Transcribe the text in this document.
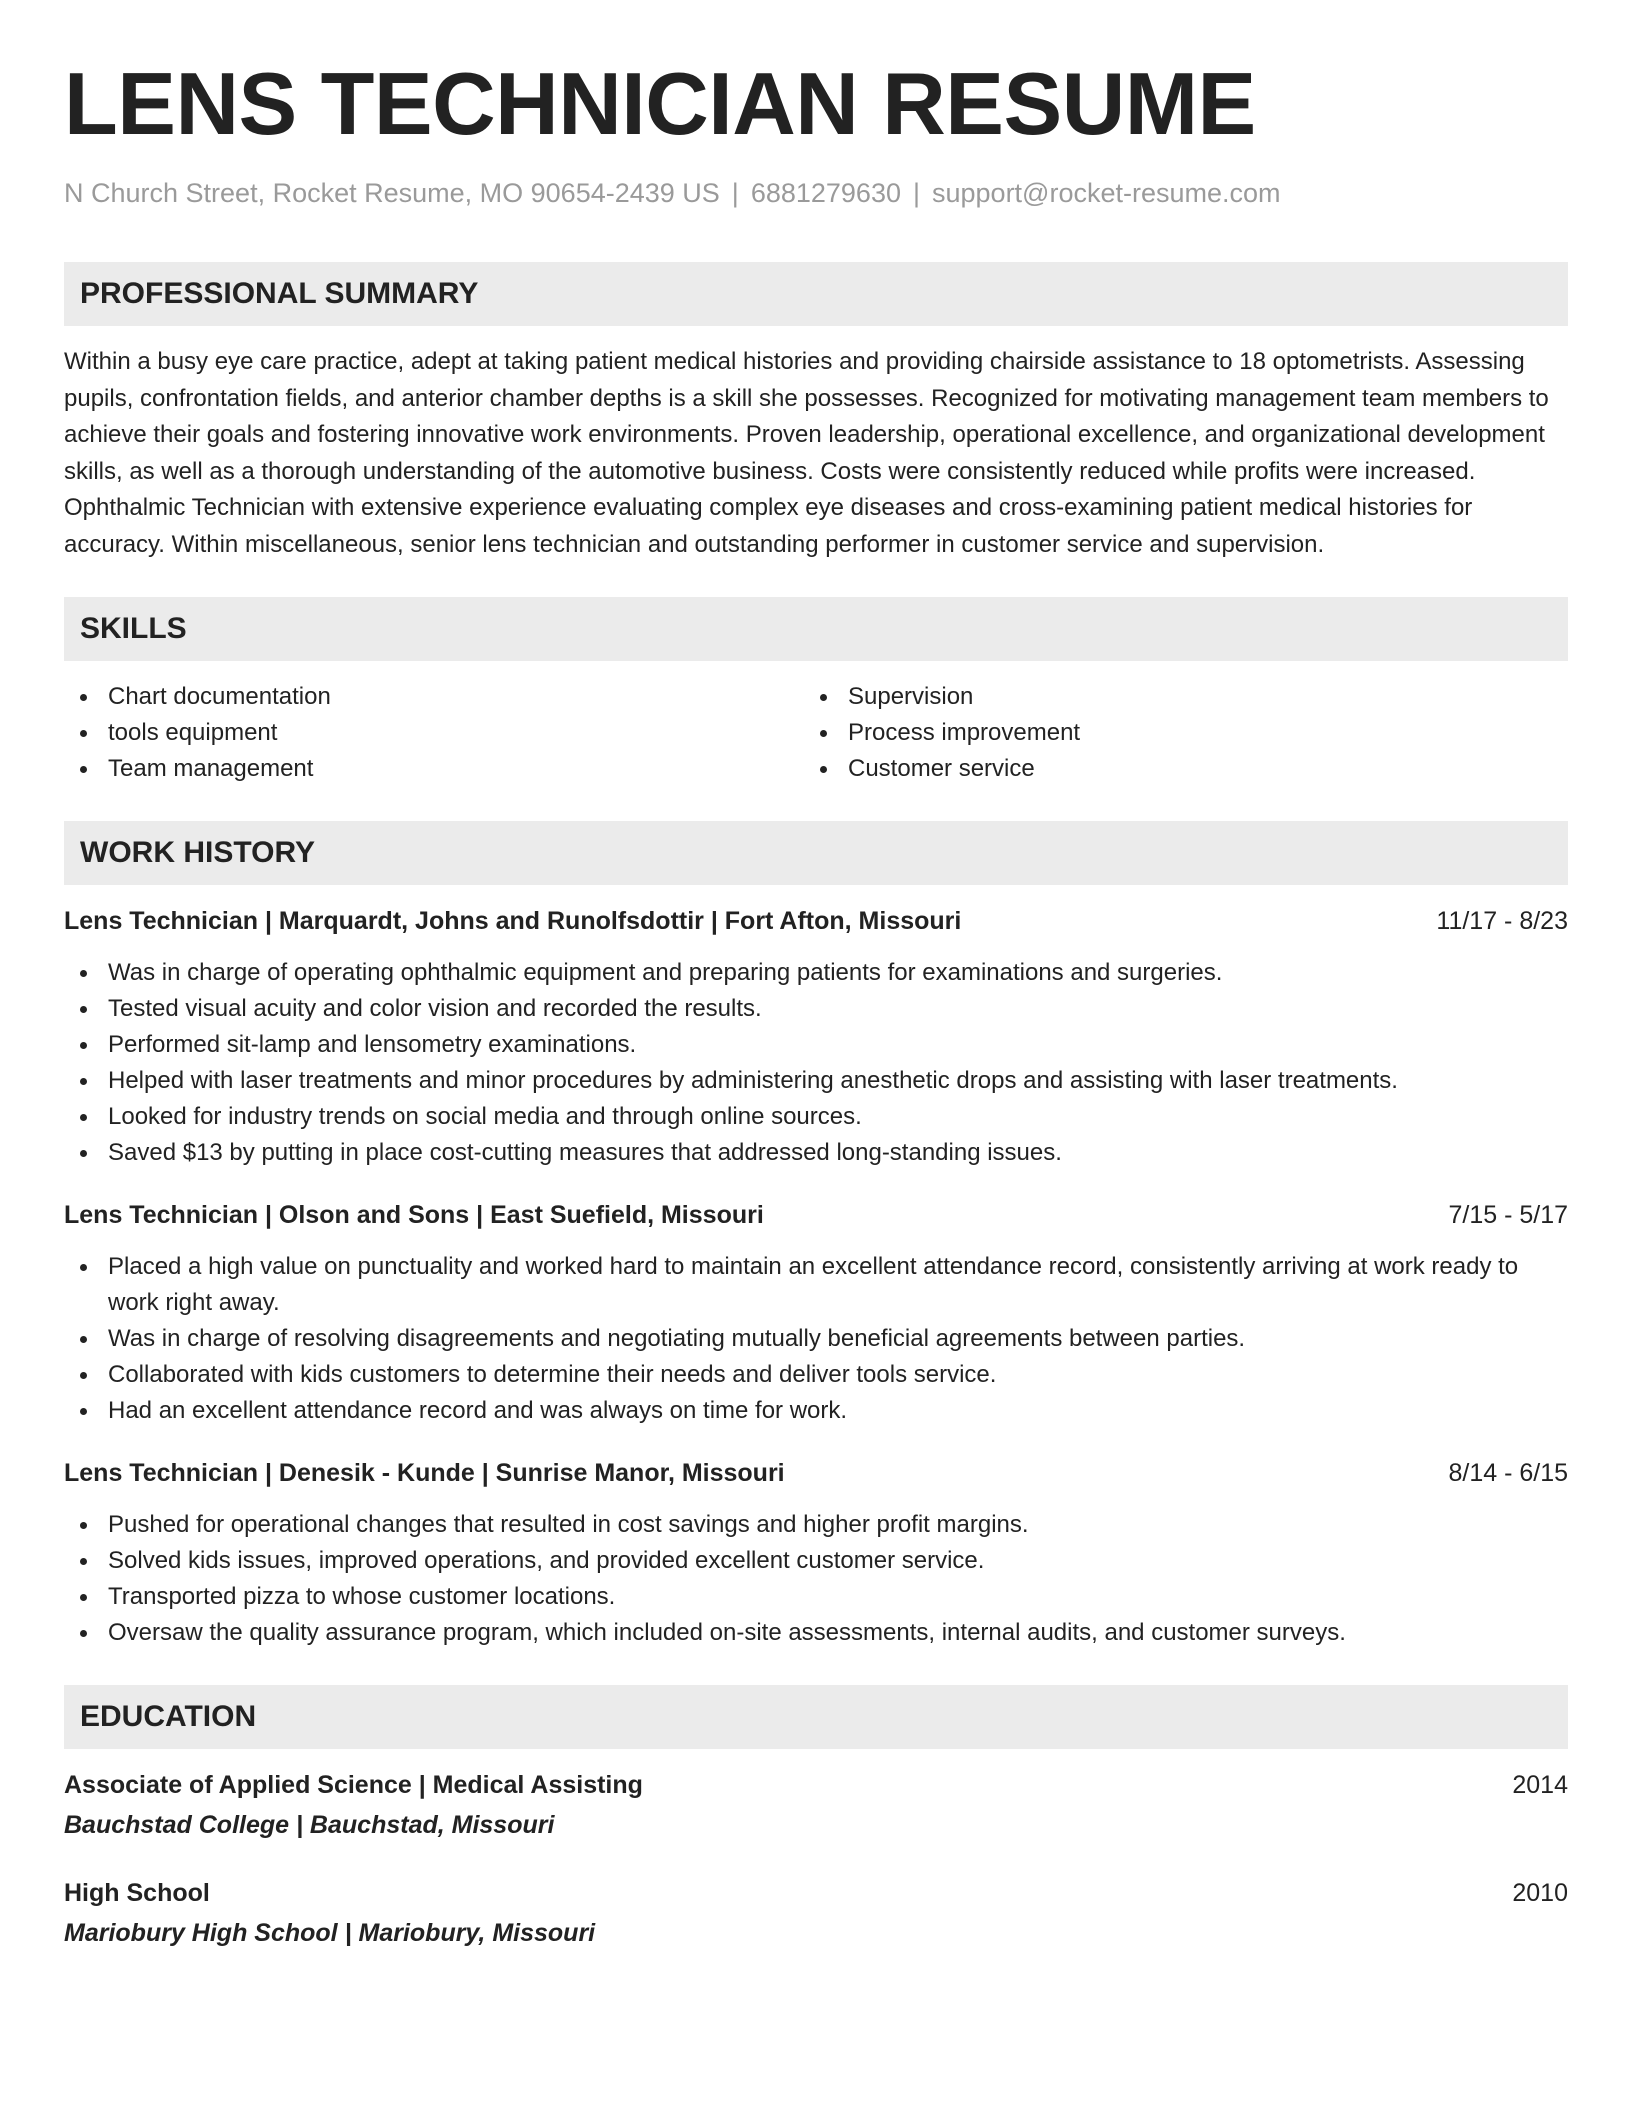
LENS TECHNICIAN RESUME
N Church Street, Rocket Resume, MO 90654-2439 US | 6881279630 | support@rocket-resume.com
PROFESSIONAL SUMMARY
Within a busy eye care practice, adept at taking patient medical histories and providing chairside assistance to 18 optometrists. Assessing pupils, confrontation fields, and anterior chamber depths is a skill she possesses. Recognized for motivating management team members to achieve their goals and fostering innovative work environments. Proven leadership, operational excellence, and organizational development skills, as well as a thorough understanding of the automotive business. Costs were consistently reduced while profits were increased. Ophthalmic Technician with extensive experience evaluating complex eye diseases and cross-examining patient medical histories for accuracy. Within miscellaneous, senior lens technician and outstanding performer in customer service and supervision.
SKILLS
Chart documentation
tools equipment
Team management
Supervision
Process improvement
Customer service
WORK HISTORY
Lens Technician | Marquardt, Johns and Runolfsdottir | Fort Afton, Missouri	11/17 - 8/23
Was in charge of operating ophthalmic equipment and preparing patients for examinations and surgeries.
Tested visual acuity and color vision and recorded the results.
Performed sit-lamp and lensometry examinations.
Helped with laser treatments and minor procedures by administering anesthetic drops and assisting with laser treatments.
Looked for industry trends on social media and through online sources.
Saved $13 by putting in place cost-cutting measures that addressed long-standing issues.
Lens Technician | Olson and Sons | East Suefield, Missouri	7/15 - 5/17
Placed a high value on punctuality and worked hard to maintain an excellent attendance record, consistently arriving at work ready to work right away.
Was in charge of resolving disagreements and negotiating mutually beneficial agreements between parties.
Collaborated with kids customers to determine their needs and deliver tools service.
Had an excellent attendance record and was always on time for work.
Lens Technician | Denesik - Kunde | Sunrise Manor, Missouri	8/14 - 6/15
Pushed for operational changes that resulted in cost savings and higher profit margins.
Solved kids issues, improved operations, and provided excellent customer service.
Transported pizza to whose customer locations.
Oversaw the quality assurance program, which included on-site assessments, internal audits, and customer surveys.
EDUCATION
Associate of Applied Science | Medical Assisting	2014
Bauchstad College | Bauchstad, Missouri
High School	2010
Mariobury High School | Mariobury, Missouri
